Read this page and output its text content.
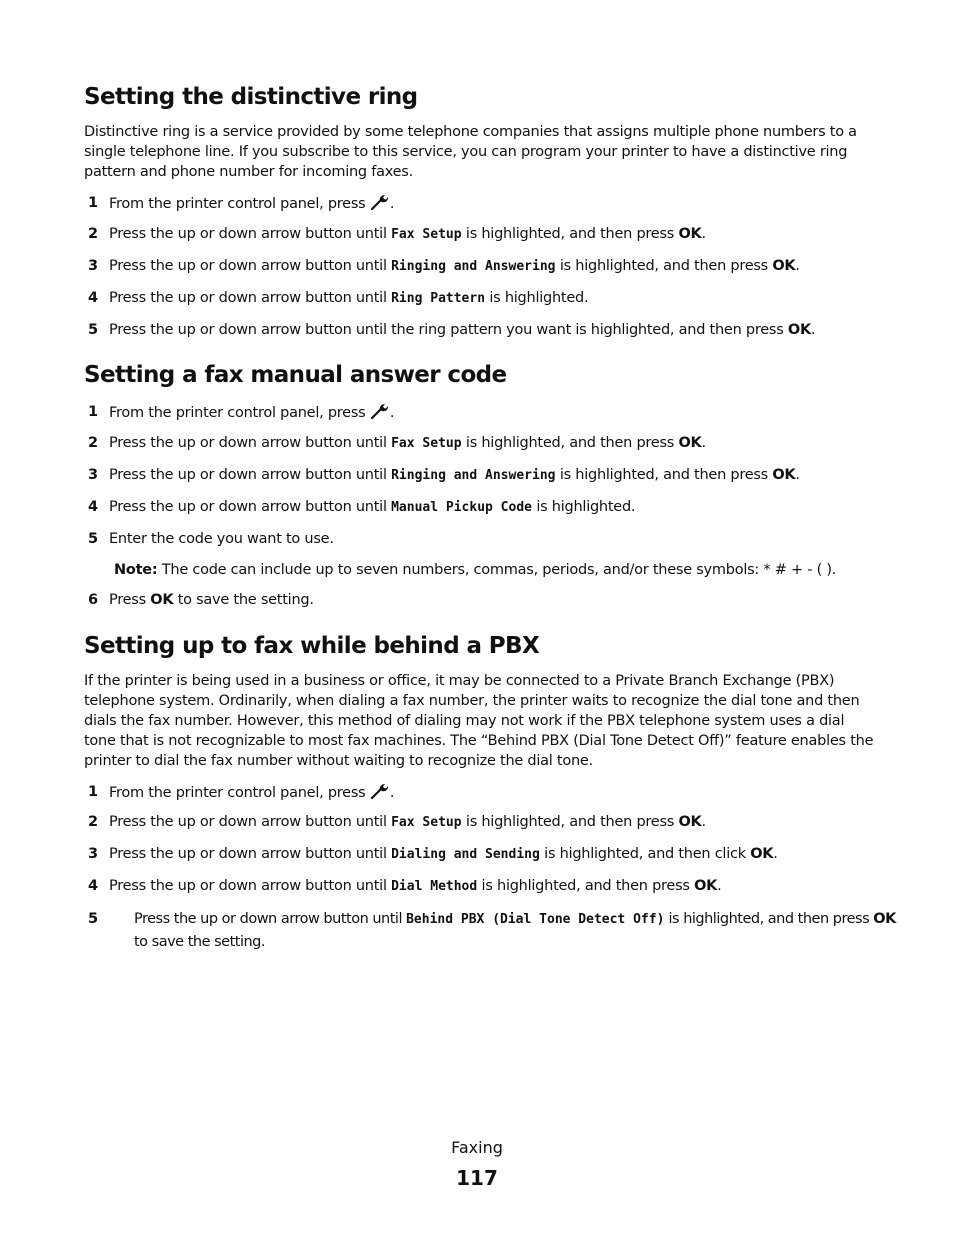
Setting the distinctive ring

Distinctive ring is a service provided by some telephone companies that assigns multiple phone numbers to a single telephone line. If you subscribe to this service, you can program your printer to have a distinctive ring pattern and phone number for incoming faxes.

1 From the printer control panel, press .
2 Press the up or down arrow button until Fax Setup is highlighted, and then press OK.
3 Press the up or down arrow button until Ringing and Answering is highlighted, and then press OK.
4 Press the up or down arrow button until Ring Pattern is highlighted.
5 Press the up or down arrow button until the ring pattern you want is highlighted, and then press OK.
Setting a fax manual answer code
1 From the printer control panel, press .
2 Press the up or down arrow button until Fax Setup is highlighted, and then press OK.
3 Press the up or down arrow button until Ringing and Answering is highlighted, and then press OK.
4 Press the up or down arrow button until Manual Pickup Code is highlighted.
5 Enter the code you want to use.
Note: The code can include up to seven numbers, commas, periods, and/or these symbols: * # + - ( ).
6 Press OK to save the setting.
Setting up to fax while behind a PBX

If the printer is being used in a business or office, it may be connected to a Private Branch Exchange (PBX) telephone system. Ordinarily, when dialing a fax number, the printer waits to recognize the dial tone and then dials the fax number. However, this method of dialing may not work if the PBX telephone system uses a dial tone that is not recognizable to most fax machines. The “Behind PBX (Dial Tone Detect Off)” feature enables the printer to dial the fax number without waiting to recognize the dial tone.

1 From the printer control panel, press .
2 Press the up or down arrow button until Fax Setup is highlighted, and then press OK.
3 Press the up or down arrow button until Dialing and Sending is highlighted, and then click OK.
4 Press the up or down arrow button until Dial Method is highlighted, and then press OK.
5 Press the up or down arrow button until Behind PBX (Dial Tone Detect Off) is highlighted, and then press OK to save the setting.
Faxing
117
